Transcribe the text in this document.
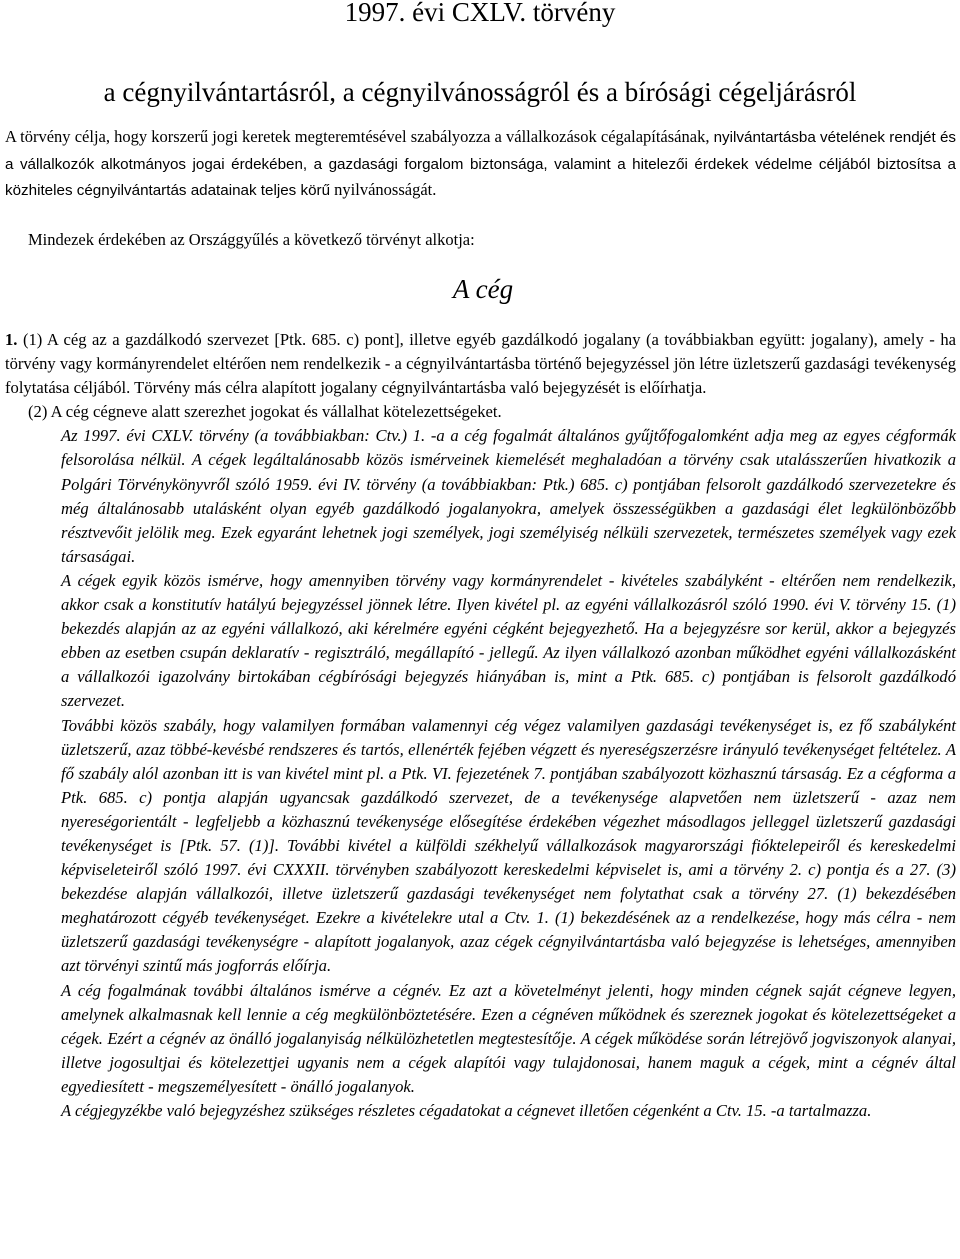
1997. évi CXLV. törvény
a cégnyilvántartásról, a cégnyilvánosságról és a bírósági cégeljárásról

A törvény célja, hogy korszerű jogi keretek megteremtésével szabályozza a vállalkozások cégalapításának, nyilvántartásba vételének rendjét és a vállalkozók alkotmányos jogai érdekében, a gazdasági forgalom biztonsága, valamint a hitelezői érdekek védelme céljából biztosítsa a közhiteles cégnyilvántartás adatainak teljes körű nyilvánosságát.

Mindezek érdekében az Országgyűlés a következő törvényt alkotja:

A cég

1. (1) A cég az a gazdálkodó szervezet [Ptk. 685. c) pont], illetve egyéb gazdálkodó jogalany (a továbbiakban együtt: jogalany), amely - ha törvény vagy kormányrendelet eltérően nem rendelkezik - a cégnyilvántartásba történő bejegyzéssel jön létre üzletszerű gazdasági tevékenység folytatása céljából. Törvény más célra alapított jogalany cégnyilvántartásba való bejegyzését is előírhatja.

(2) A cég cégneve alatt szerezhet jogokat és vállalhat kötelezettségeket.

Az 1997. évi CXLV. törvény (a továbbiakban: Ctv.) 1. -a a cég fogalmát általános gyűjtőfogalomként adja meg az egyes cégformák felsorolása nélkül. A cégek legáltalánosabb közös ismérveinek kiemelését meghaladóan a törvény csak utalásszerűen hivatkozik a Polgári Törvénykönyvről szóló 1959. évi IV. törvény (a továbbiakban: Ptk.) 685. c) pontjában felsorolt gazdálkodó szervezetekre és még általánosabb utalásként olyan egyéb gazdálkodó jogalanyokra, amelyek összességükben a gazdasági élet legkülönbözőbb résztvevőit jelölik meg. Ezek egyaránt lehetnek jogi személyek, jogi személyiség nélküli szervezetek, természetes személyek vagy ezek társaságai.

A cégek egyik közös ismérve, hogy amennyiben törvény vagy kormányrendelet - kivételes szabályként - eltérően nem rendelkezik, akkor csak a konstitutív hatályú bejegyzéssel jönnek létre. Ilyen kivétel pl. az egyéni vállalkozásról szóló 1990. évi V. törvény 15. (1) bekezdés alapján az az egyéni vállalkozó, aki kérelmére egyéni cégként bejegyezhető. Ha a bejegyzésre sor kerül, akkor a bejegyzés ebben az esetben csupán deklaratív - regisztráló, megállapító - jellegű. Az ilyen vállalkozó azonban működhet egyéni vállalkozásként a vállalkozói igazolvány birtokában cégbírósági bejegyzés hiányában is, mint a Ptk. 685. c) pontjában is felsorolt gazdálkodó szervezet.

További közös szabály, hogy valamilyen formában valamennyi cég végez valamilyen gazdasági tevékenységet is, ez fő szabályként üzletszerű, azaz többé-kevésbé rendszeres és tartós, ellenérték fejében végzett és nyereségszerzésre irányuló tevékenységet feltételez. A fő szabály alól azonban itt is van kivétel mint pl. a Ptk. VI. fejezetének 7. pontjában szabályozott közhasznú társaság. Ez a cégforma a Ptk. 685. c) pontja alapján ugyancsak gazdálkodó szervezet, de a tevékenysége alapvetően nem üzletszerű - azaz nem nyereségorientált - legfeljebb a közhasznú tevékenysége elősegítése érdekében végezhet másodlagos jelleggel üzletszerű gazdasági tevékenységet is [Ptk. 57. (1)]. További kivétel a külföldi székhelyű vállalkozások magyarországi fióktelepeiről és kereskedelmi képviseleteiről szóló 1997. évi CXXXII. törvényben szabályozott kereskedelmi képviselet is, ami a törvény 2. c) pontja és a 27. (3) bekezdése alapján vállalkozói, illetve üzletszerű gazdasági tevékenységet nem folytathat csak a törvény 27. (1) bekezdésében meghatározott cégyéb tevékenységet. Ezekre a kivételekre utal a Ctv. 1. (1) bekezdésének az a rendelkezése, hogy más célra - nem üzletszerű gazdasági tevékenységre - alapított jogalanyok, azaz cégek cégnyilvántartásba való bejegyzése is lehetséges, amennyiben azt törvényi szintű más jogforrás előírja.

A cég fogalmának további általános ismérve a cégnév. Ez azt a követelményt jelenti, hogy minden cégnek saját cégneve legyen, amelynek alkalmasnak kell lennie a cég megkülönböztetésére. Ezen a cégnéven működnek és szereznek jogokat és kötelezettségeket a cégek. Ezért a cégnév az önálló jogalanyiság nélkülözhetetlen megtestesítője. A cégek működése során létrejövő jogviszonyok alanyai, illetve jogosultjai és kötelezettjei ugyanis nem a cégek alapítói vagy tulajdonosai, hanem maguk a cégek, mint a cégnév által egyediesített - megszemélyesített - önálló jogalanyok.

A cégjegyzékbe való bejegyzéshez szükséges részletes cégadatokat a cégnevet illetően cégenként a Ctv. 15. -a tartalmazza.
